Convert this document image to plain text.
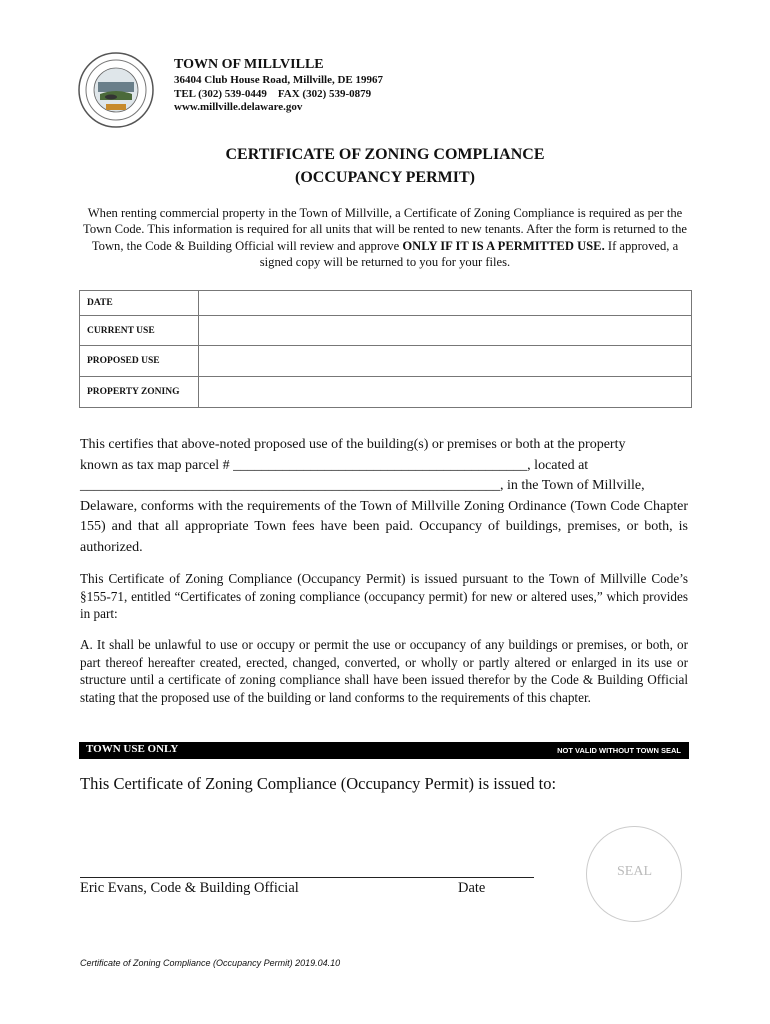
TOWN OF MILLVILLE
36404 Club House Road, Millville, DE 19967
TEL (302) 539-0449    FAX (302) 539-0879
www.millville.delaware.gov
CERTIFICATE OF ZONING COMPLIANCE
(OCCUPANCY PERMIT)
When renting commercial property in the Town of Millville, a Certificate of Zoning Compliance is required as per the Town Code. This information is required for all units that will be rented to new tenants. After the form is returned to the Town, the Code & Building Official will review and approve ONLY IF IT IS A PERMITTED USE. If approved, a signed copy will be returned to you for your files.
DATE	
CURRENT USE	
PROPOSED USE	
PROPERTY ZONING	
This certifies that above-noted proposed use of the building(s) or premises or both at the property
known as tax map parcel # __________________________________________, located at
____________________________________________________________, in the Town of Millville,
Delaware, conforms with the requirements of the Town of Millville Zoning Ordinance (Town Code Chapter 155) and that all appropriate Town fees have been paid. Occupancy of buildings, premises, or both, is authorized.
This Certificate of Zoning Compliance (Occupancy Permit) is issued pursuant to the Town of Millville Code’s §155-71, entitled “Certificates of zoning compliance (occupancy permit) for new or altered uses,” which provides in part:
A. It shall be unlawful to use or occupy or permit the use or occupancy of any buildings or premises, or both, or part thereof hereafter created, erected, changed, converted, or wholly or partly altered or enlarged in its use or structure until a certificate of zoning compliance shall have been issued therefor by the Code & Building Official stating that the proposed use of the building or land conforms to the requirements of this chapter.
TOWN USE ONLY	NOT VALID WITHOUT TOWN SEAL
This Certificate of Zoning Compliance (Occupancy Permit) is issued to:
Eric Evans, Code & Building Official	Date
SEAL
Certificate of Zoning Compliance (Occupancy Permit) 2019.04.10
